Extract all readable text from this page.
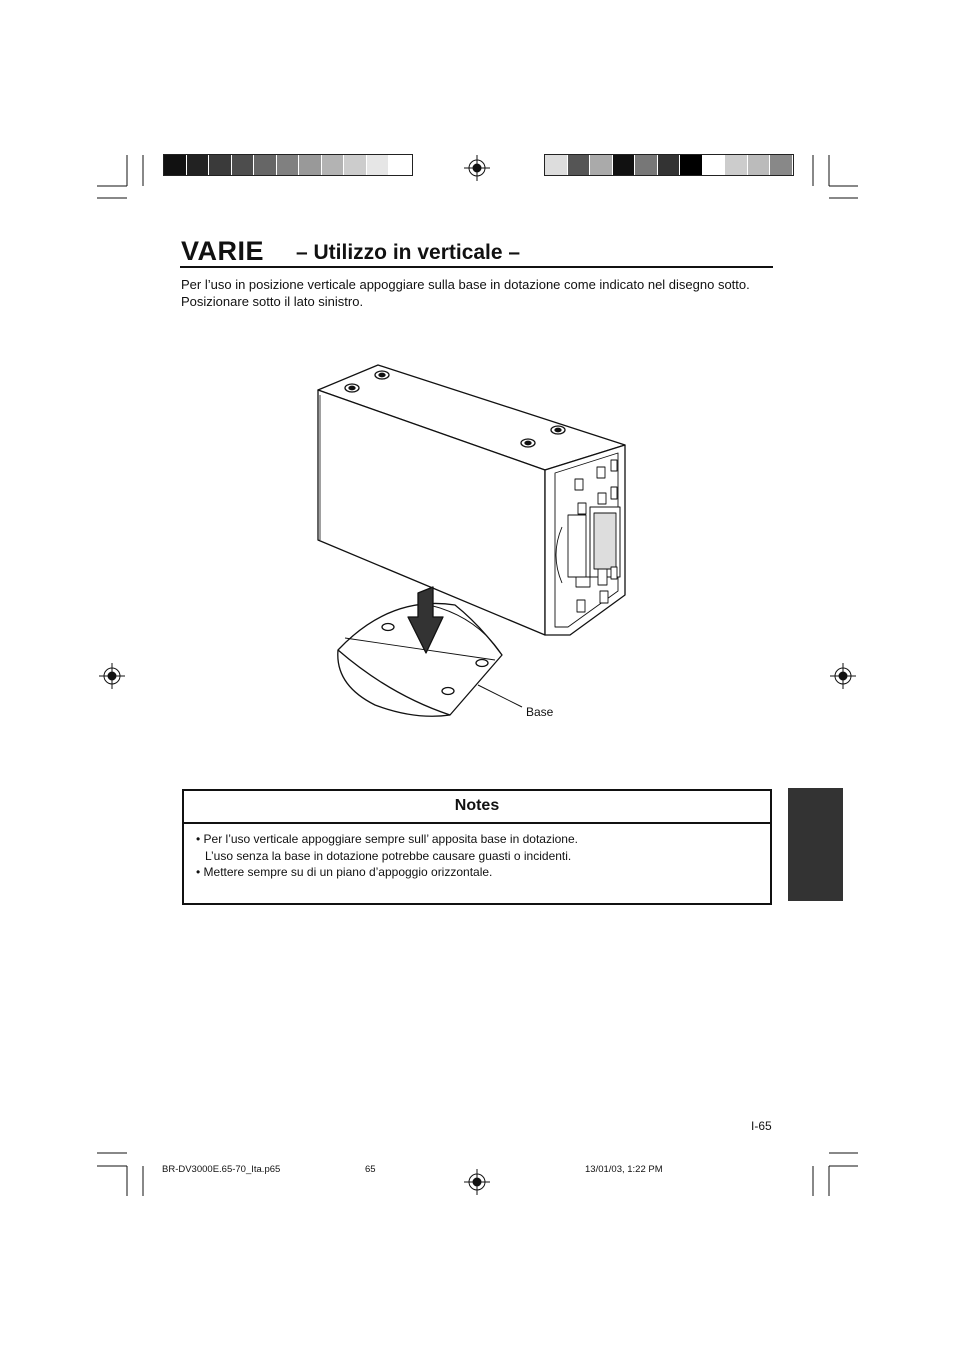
VARIE – Utilizzo in verticale –
Per l’uso in posizione verticale appoggiare sulla base in dotazione come indicato nel disegno sotto. Posizionare sotto il lato sinistro.
Base
Notes
• Per l’uso verticale appoggiare sempre sull’ apposita base in dotazione.
L’uso senza la base in dotazione potrebbe causare guasti o incidenti.
• Mettere sempre su di un piano d’appoggio orizzontale.
I-65
BR-DV3000E.65-70_Ita.p65	65	13/01/03, 1:22 PM
